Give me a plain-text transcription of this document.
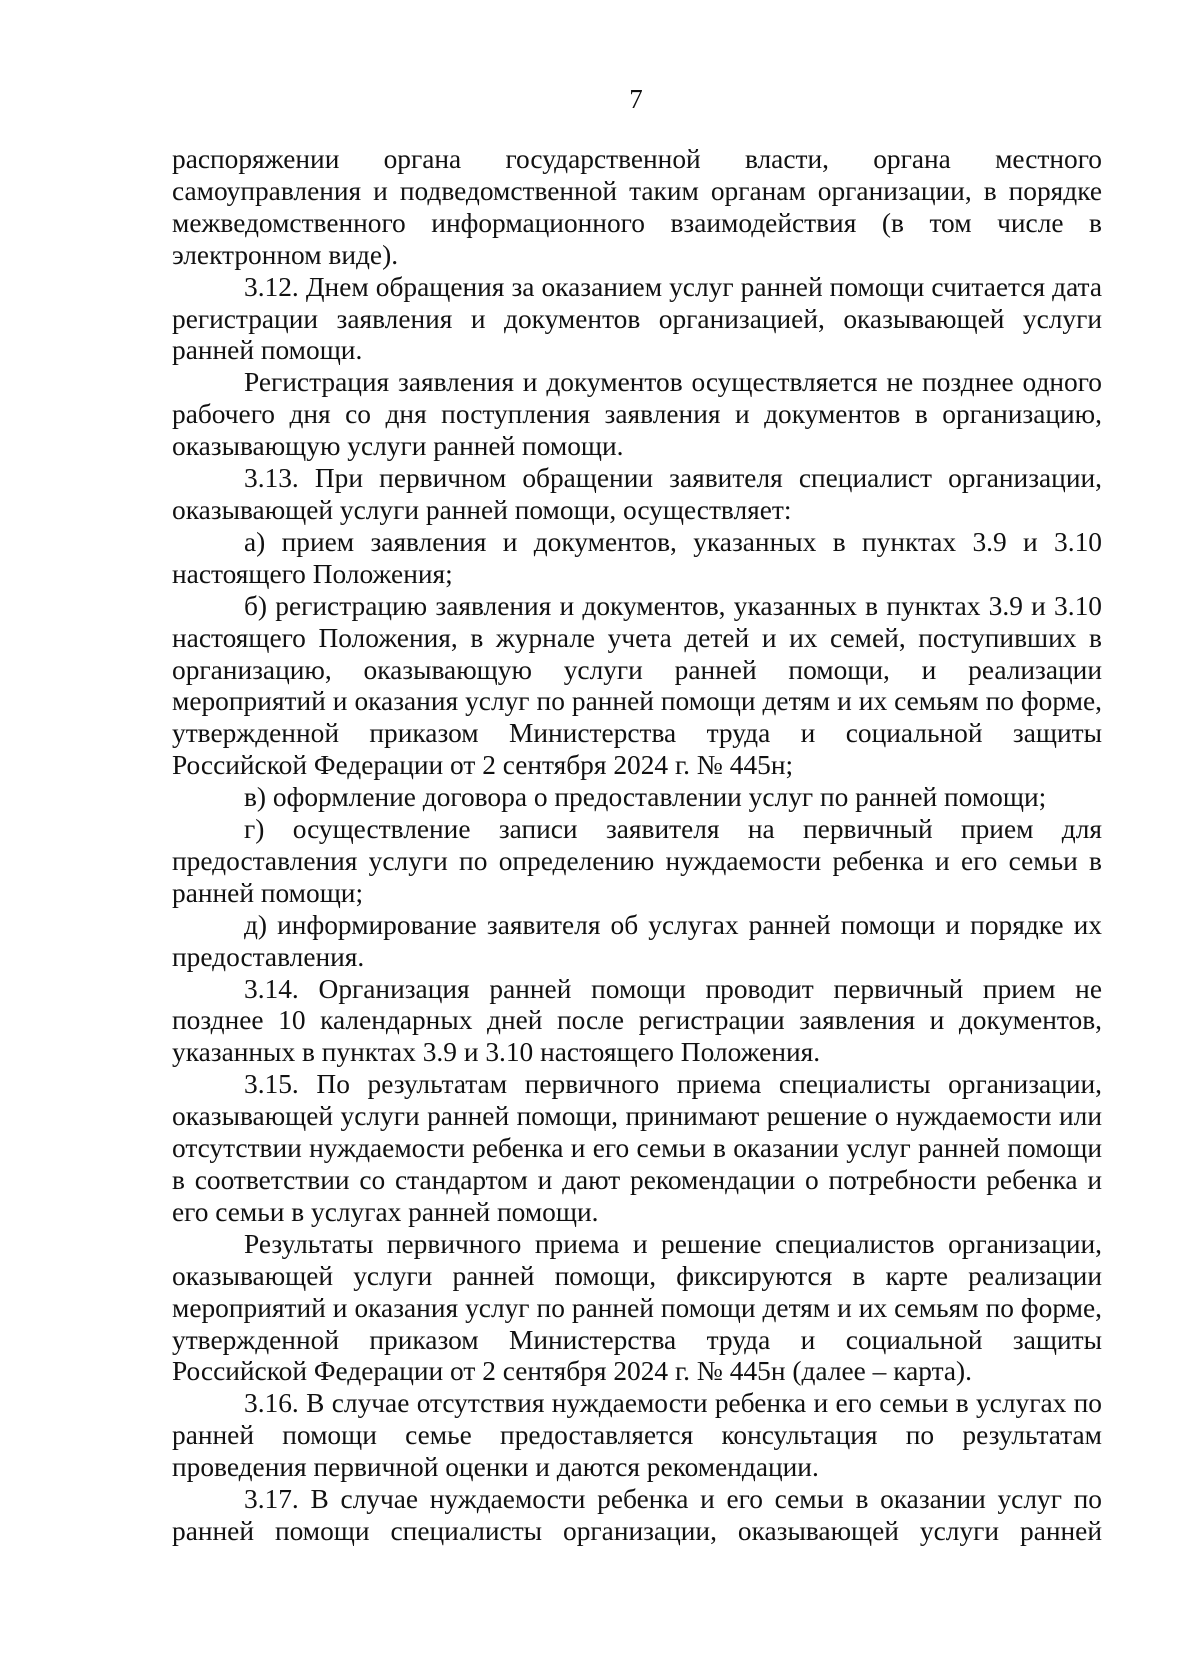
7

распоряжении органа государственной власти, органа местного самоуправления и подведомственной таким органам организации, в порядке межведомственного информационного взаимодействия (в том числе в электронном виде).

3.12. Днем обращения за оказанием услуг ранней помощи считается дата регистрации заявления и документов организацией, оказывающей услуги ранней помощи.

Регистрация заявления и документов осуществляется не позднее одного рабочего дня со дня поступления заявления и документов в организацию, оказывающую услуги ранней помощи.

3.13. При первичном обращении заявителя специалист организации, оказывающей услуги ранней помощи, осуществляет:

а) прием заявления и документов, указанных в пунктах 3.9 и 3.10 настоящего Положения;

б) регистрацию заявления и документов, указанных в пунктах 3.9 и 3.10 настоящего Положения, в журнале учета детей и их семей, поступивших в организацию, оказывающую услуги ранней помощи, и реализации мероприятий и оказания услуг по ранней помощи детям и их семьям по форме, утвержденной приказом Министерства труда и социальной защиты Российской Федерации от 2 сентября 2024 г. № 445н;

в) оформление договора о предоставлении услуг по ранней помощи;

г) осуществление записи заявителя на первичный прием для предоставления услуги по определению нуждаемости ребенка и его семьи в ранней помощи;

д) информирование заявителя об услугах ранней помощи и порядке их предоставления.

3.14. Организация ранней помощи проводит первичный прием не позднее 10 календарных дней после регистрации заявления и документов, указанных в пунктах 3.9 и 3.10 настоящего Положения.

3.15. По результатам первичного приема специалисты организации, оказывающей услуги ранней помощи, принимают решение о нуждаемости или отсутствии нуждаемости ребенка и его семьи в оказании услуг ранней помощи в соответствии со стандартом и дают рекомендации о потребности ребенка и его семьи в услугах ранней помощи.

Результаты первичного приема и решение специалистов организации, оказывающей услуги ранней помощи, фиксируются в карте реализации мероприятий и оказания услуг по ранней помощи детям и их семьям по форме, утвержденной приказом Министерства труда и социальной защиты Российской Федерации от 2 сентября 2024 г. № 445н (далее – карта).

3.16. В случае отсутствия нуждаемости ребенка и его семьи в услугах по ранней помощи семье предоставляется консультация по результатам проведения первичной оценки и даются рекомендации.

3.17. В случае нуждаемости ребенка и его семьи в оказании услуг по ранней помощи специалисты организации, оказывающей услуги ранней
